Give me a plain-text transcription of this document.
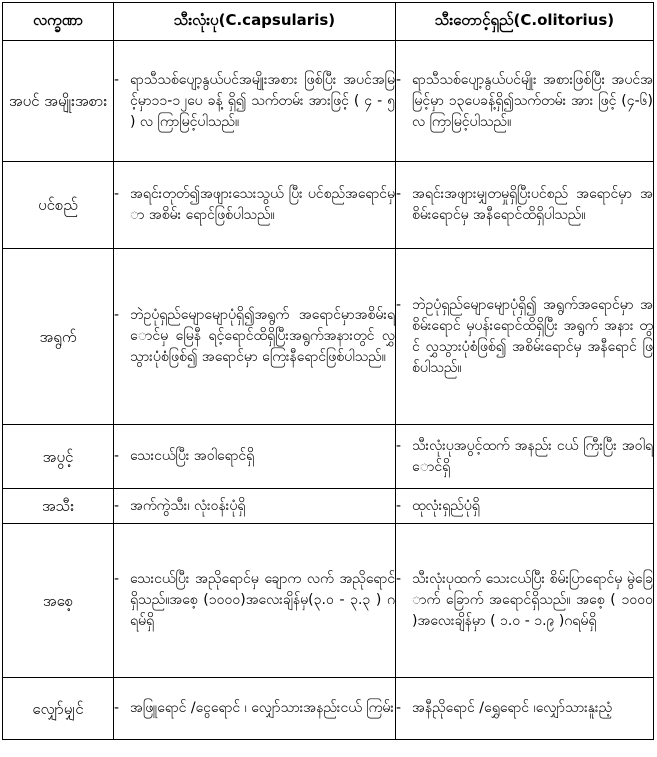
လက္ခဏာ	သီးလုံးပု(C.capsularis)	သီးတောင့်ရှည်(C.olitorius)
အပင် အမျိုးအစား	- ရာသီသစ်ပျော့နွယ်ပင်အမျိုးအစား ဖြစ်ပြီး အပင်အမြင့်မှာ၁၁-၁၂ပေ ခန့် ရှိ၍ သက်တမ်း အားဖြင့် ( ၄ - ၅ ) လ ကြာမြင့်ပါသည်။	- ရာသီသစ်ပျော့နွယ်ပင်မျိုး အစားဖြစ်ပြီး အပင်အမြင့်မှာ ၁၃ပေခန့်ရှိ၍သက်တမ်း အား ဖြင့် (၄-၆)လ ကြာမြင့်ပါသည်။

ပင်စည်	- အရင်းတုတ်၍အဖျားသေးသွယ် ပြီး ပင်စည်အရောင်မှာ အစိမ်း ရောင်ဖြစ်ပါသည်။	- အရင်းအဖျားမျှတမှုရှိပြီးပင်စည် အရောင်မှာ အစိမ်းရောင်မှ အနီရောင်ထိရှိပါသည်။

အရွက်	- ဘဲဥပုံရှည်မျောမျောပုံရှိ၍အရွက် အရောင်မှာအစိမ်းရောင်မှ မြေနီ ရင့်ရောင်ထိရှိပြီးအရွက်အနားတွင် လွှသွားပုံစံဖြစ်၍ အရောင်မှာ ကြေးနီရောင်ဖြစ်ပါသည်။	- ဘဲဥပုံရှည်မျောမျောပုံရှိ၍ အရွက်အရောင်မှာ အစိမ်းရောင် မှပန်းရောင်ထိရှိပြီး အရွက် အနား တွင် လွှသွားပုံစံဖြစ်၍ အစိမ်းရောင်မှ အနီရောင် ဖြစ်ပါသည်။

အပွင့်	- သေးငယ်ပြီး အဝါရောင်ရှိ	- သီးလုံးပုအပွင့်ထက် အနည်း ငယ် ကြီးပြီး အဝါရောင်ရှိ

အသီး	- အက်ကွဲသီး၊ လုံးဝန်းပုံရှိ	- ထုလုံးရှည်ပုံရှိ

အစေ့	- သေးငယ်ပြီး အညိုရောင်မှ ချောက လက် အညိုရောင်ရှိသည်။အစေ့ (၁၀၀၀)အလေးချိန်မှ(၃.၀ - ၃.၃ ) ဂရမ်ရှိ	- သီးလုံးပုထက် သေးငယ်ပြီး စိမ်းပြာရောင်မှ မွဲခြောက် ခြောက် အရောင်ရှိသည်။ အစေ့ ( ၁၀၀၀ )အလေးချိန်မှာ ( ၁.၀ - ၁.၉ )ဂရမ်ရှိ

လျှော်မျှင်	- အဖြူရောင် /ငွေရောင် ၊ လျှော်သားအနည်းငယ် ကြမ်း	- အနီညိုရောင် /ရွှေရောင် ၊လျှော်သားနူးညံ့
